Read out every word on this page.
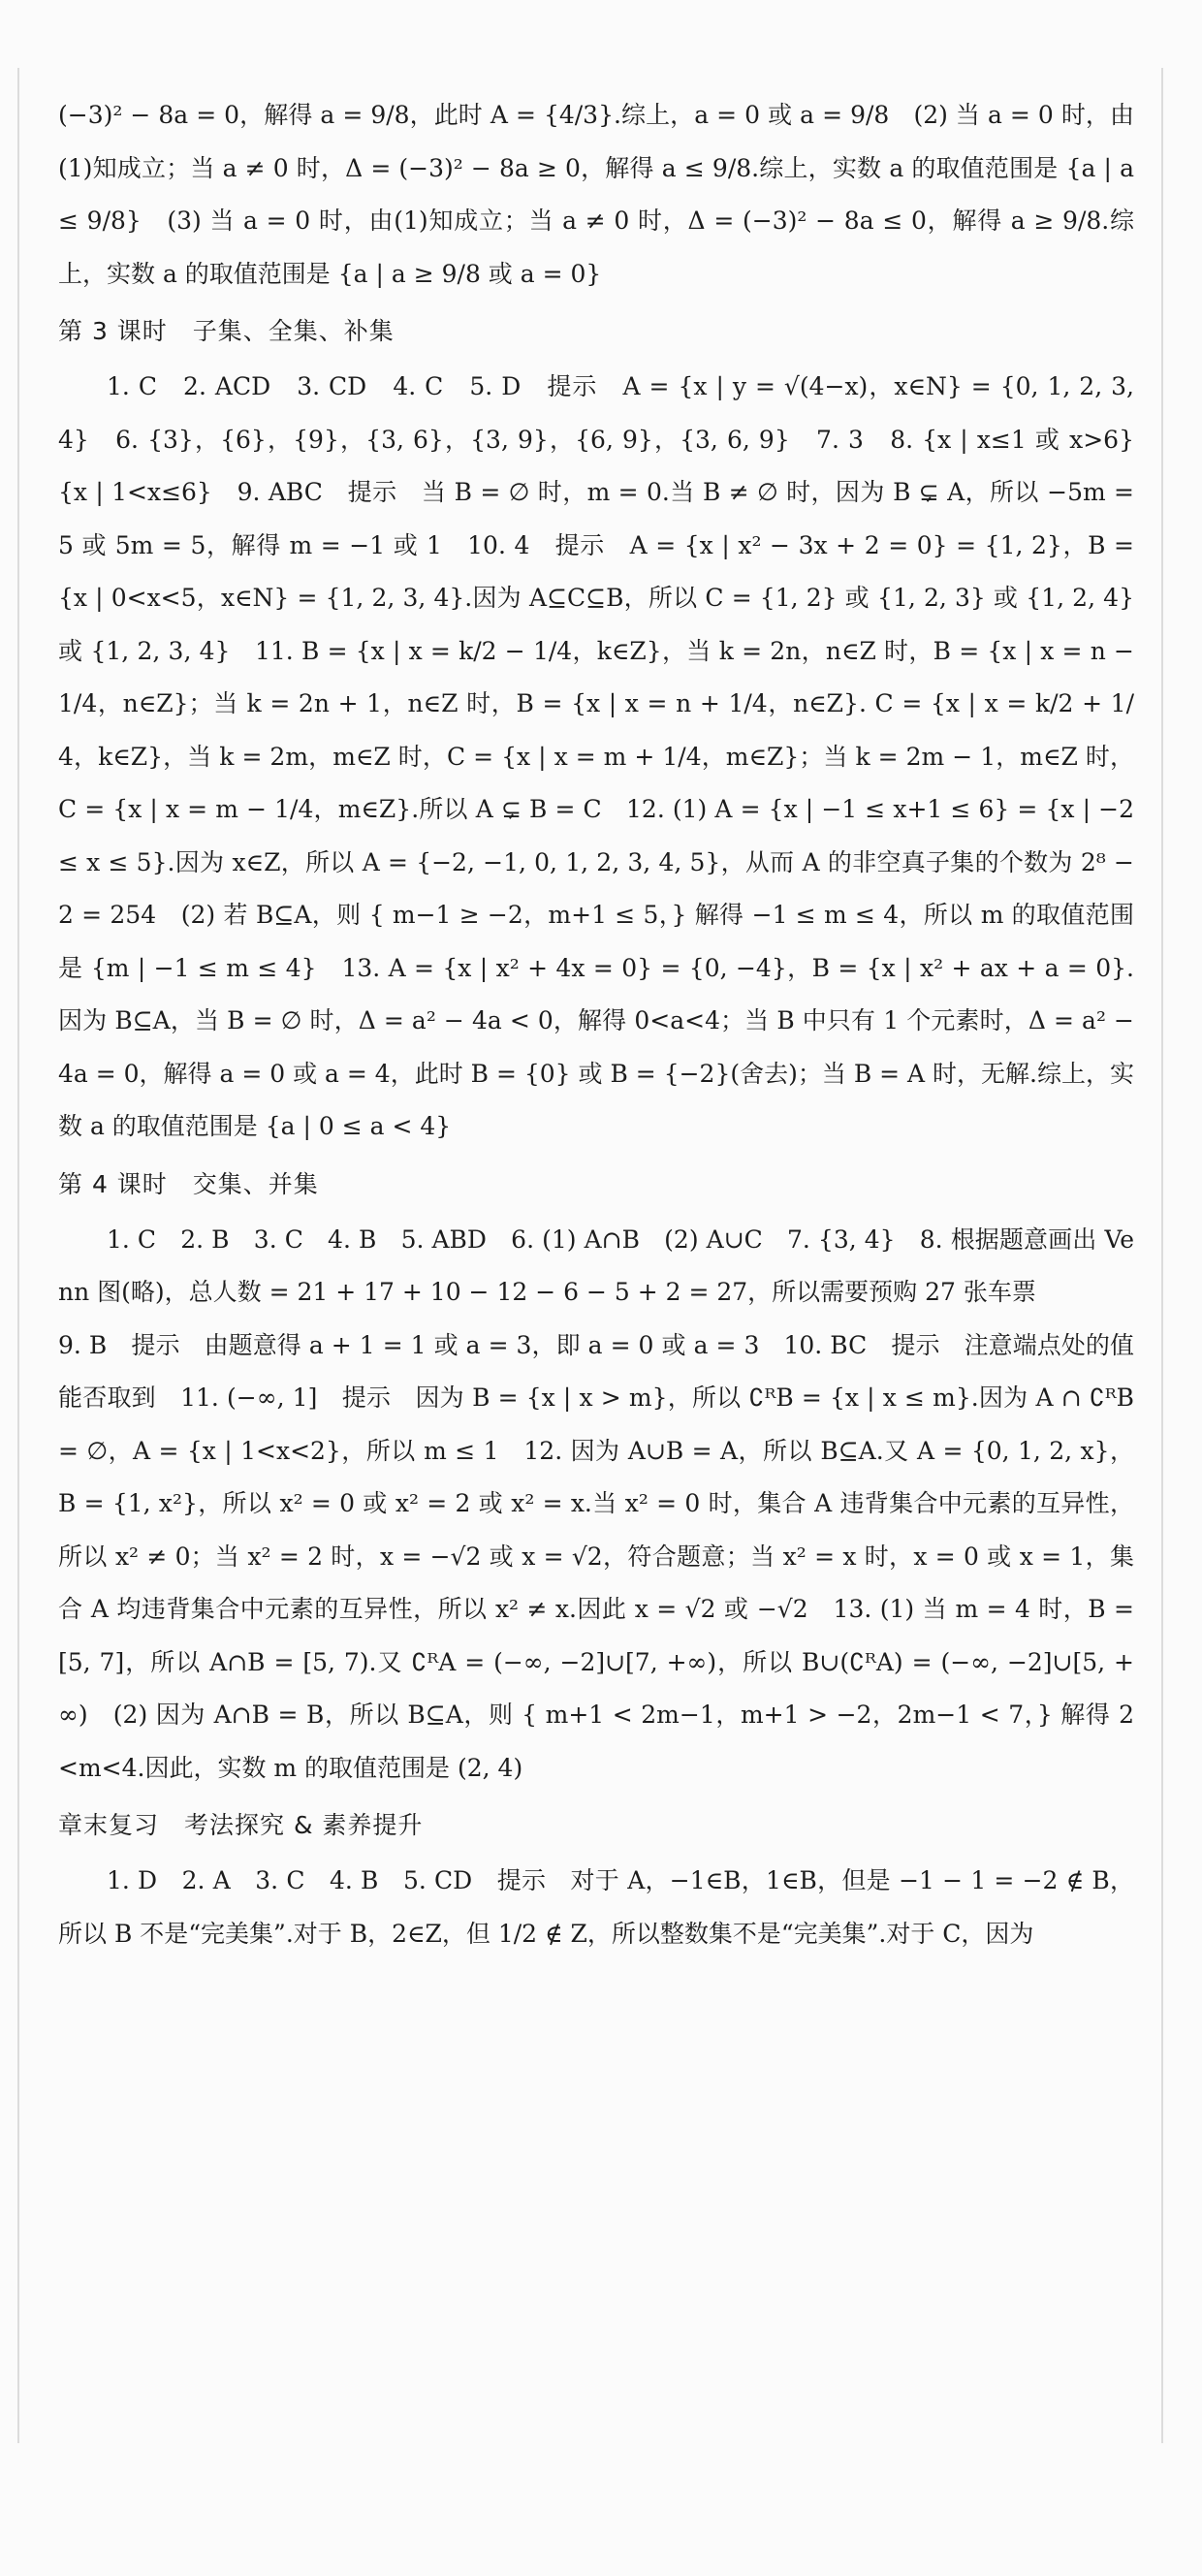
(−3)² − 8a = 0，解得 a = 9/8，此时 A = {4/3}.综上，a = 0 或 a = 9/8　(2) 当 a = 0 时，由(1)知成立；当 a ≠ 0 时，Δ = (−3)² − 8a ≥ 0，解得 a ≤ 9/8.综上，实数 a 的取值范围是 {a | a ≤ 9/8}　(3) 当 a = 0 时，由(1)知成立；当 a ≠ 0 时，Δ = (−3)² − 8a ≤ 0，解得 a ≥ 9/8.综上，实数 a 的取值范围是 {a | a ≥ 9/8 或 a = 0}

第 3 课时　子集、全集、补集

1. C　2. ACD　3. CD　4. C　5. D　提示　A = {x | y = √(4−x)，x∈N} = {0, 1, 2, 3, 4}　6. {3}，{6}，{9}，{3, 6}，{3, 9}，{6, 9}，{3, 6, 9}　7. 3　8. {x | x≤1 或 x>6} {x | 1<x≤6}　9. ABC　提示　当 B = ∅ 时，m = 0.当 B ≠ ∅ 时，因为 B ⊊ A，所以 −5m = 5 或 5m = 5，解得 m = −1 或 1　10. 4　提示　A = {x | x² − 3x + 2 = 0} = {1, 2}，B = {x | 0<x<5，x∈N} = {1, 2, 3, 4}.因为 A⊆C⊆B，所以 C = {1, 2} 或 {1, 2, 3} 或 {1, 2, 4} 或 {1, 2, 3, 4}　11. B = {x | x = k/2 − 1/4，k∈Z}，当 k = 2n，n∈Z 时，B = {x | x = n − 1/4，n∈Z}；当 k = 2n + 1，n∈Z 时，B = {x | x = n + 1/4，n∈Z}. C = {x | x = k/2 + 1/4，k∈Z}，当 k = 2m，m∈Z 时，C = {x | x = m + 1/4，m∈Z}；当 k = 2m − 1，m∈Z 时，C = {x | x = m − 1/4，m∈Z}.所以 A ⊊ B = C　12. (1) A = {x | −1 ≤ x+1 ≤ 6} = {x | −2 ≤ x ≤ 5}.因为 x∈Z，所以 A = {−2, −1, 0, 1, 2, 3, 4, 5}，从而 A 的非空真子集的个数为 2⁸ − 2 = 254　(2) 若 B⊆A，则 { m−1 ≥ −2，m+1 ≤ 5，} 解得 −1 ≤ m ≤ 4，所以 m 的取值范围是 {m | −1 ≤ m ≤ 4}　13. A = {x | x² + 4x = 0} = {0, −4}，B = {x | x² + ax + a = 0}.因为 B⊆A，当 B = ∅ 时，Δ = a² − 4a < 0，解得 0<a<4；当 B 中只有 1 个元素时，Δ = a² − 4a = 0，解得 a = 0 或 a = 4，此时 B = {0} 或 B = {−2}(舍去)；当 B = A 时，无解.综上，实数 a 的取值范围是 {a | 0 ≤ a < 4}

第 4 课时　交集、并集

1. C　2. B　3. C　4. B　5. ABD　6. (1) A∩B　(2) A∪C　7. {3, 4}　8. 根据题意画出 Venn 图(略)，总人数 = 21 + 17 + 10 − 12 − 6 − 5 + 2 = 27，所以需要预购 27 张车票

9. B　提示　由题意得 a + 1 = 1 或 a = 3，即 a = 0 或 a = 3　10. BC　提示　注意端点处的值能否取到　11. (−∞, 1]　提示　因为 B = {x | x > m}，所以 ∁ᴿB = {x | x ≤ m}.因为 A ∩ ∁ᴿB = ∅，A = {x | 1<x<2}，所以 m ≤ 1　12. 因为 A∪B = A，所以 B⊆A.又 A = {0, 1, 2, x}，B = {1, x²}，所以 x² = 0 或 x² = 2 或 x² = x.当 x² = 0 时，集合 A 违背集合中元素的互异性，所以 x² ≠ 0；当 x² = 2 时，x = −√2 或 x = √2，符合题意；当 x² = x 时，x = 0 或 x = 1，集合 A 均违背集合中元素的互异性，所以 x² ≠ x.因此 x = √2 或 −√2　13. (1) 当 m = 4 时，B = [5, 7]，所以 A∩B = [5, 7).又 ∁ᴿA = (−∞, −2]∪[7, +∞)，所以 B∪(∁ᴿA) = (−∞, −2]∪[5, +∞)　(2) 因为 A∩B = B，所以 B⊆A，则 { m+1 < 2m−1，m+1 > −2，2m−1 < 7，} 解得 2<m<4.因此，实数 m 的取值范围是 (2, 4)

章末复习　考法探究 & 素养提升

1. D　2. A　3. C　4. B　5. CD　提示　对于 A，−1∈B，1∈B，但是 −1 − 1 = −2 ∉ B，所以 B 不是“完美集”.对于 B，2∈Z，但 1/2 ∉ Z，所以整数集不是“完美集”.对于 C，因为
